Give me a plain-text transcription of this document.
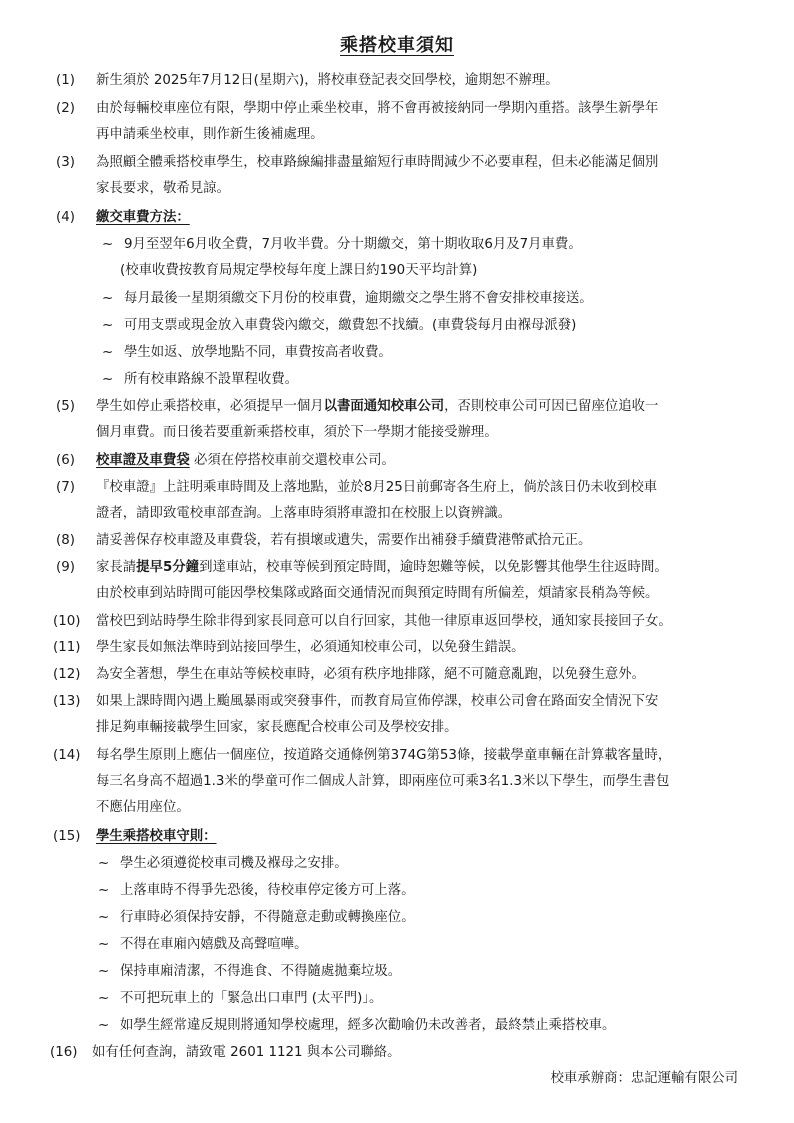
乘搭校車須知
(1) 新生須於 2025年7月12日(星期六)，將校車登記表交回學校，逾期恕不辦理。
(2) 由於每輛校車座位有限，學期中停止乘坐校車，將不會再被接納同一學期內重搭。該學生新學年
再申請乘坐校車，則作新生後補處理。
(3) 為照顧全體乘搭校車學生，校車路線編排盡量縮短行車時間減少不必要車程，但未必能滿足個別
家長要求，敬希見諒。
(4) 繳交車費方法：
~ 9月至翌年6月收全費，7月收半費。分十期繳交，第十期收取6月及7月車費。
(校車收費按教育局規定學校每年度上課日約190天平均計算)
~ 每月最後一星期須繳交下月份的校車費，逾期繳交之學生將不會安排校車接送。
~ 可用支票或現金放入車費袋內繳交，繳費恕不找續。(車費袋每月由褓母派發)
~ 學生如返、放學地點不同，車費按高者收費。
~ 所有校車路線不設單程收費。
(5) 學生如停止乘搭校車，必須提早一個月以書面通知校車公司，否則校車公司可因已留座位追收一
個月車費。而日後若要重新乘搭校車，須於下一學期才能接受辦理。
(6) 校車證及車費袋 必須在停搭校車前交還校車公司。
(7) 『校車證』上註明乘車時間及上落地點，並於8月25日前郵寄各生府上，倘於該日仍未收到校車
證者，請即致電校車部查詢。上落車時須將車證扣在校服上以資辨識。
(8) 請妥善保存校車證及車費袋，若有損壞或遺失，需要作出補發手續費港幣貳拾元正。
(9) 家長請提早5分鐘到達車站，校車等候到預定時間，逾時恕難等候，以免影響其他學生往返時間。
由於校車到站時間可能因學校集隊或路面交通情況而與預定時間有所偏差，煩請家長稍為等候。
(10) 當校巴到站時學生除非得到家長同意可以自行回家，其他一律原車返回學校，通知家長接回子女。
(11) 學生家長如無法準時到站接回學生，必須通知校車公司，以免發生錯誤。
(12) 為安全著想，學生在車站等候校車時，必須有秩序地排隊，絕不可隨意亂跑，以免發生意外。
(13) 如果上課時間內遇上颱風暴雨或突發事件，而教育局宣佈停課，校車公司會在路面安全情況下安
排足夠車輛接載學生回家，家長應配合校車公司及學校安排。
(14) 每名學生原則上應佔一個座位，按道路交通條例第374G第53條，接載學童車輛在計算載客量時，
每三名身高不超過1.3米的學童可作二個成人計算，即兩座位可乘3名1.3米以下學生，而學生書包
不應佔用座位。
(15) 學生乘搭校車守則：
~ 學生必須遵從校車司機及褓母之安排。
~ 上落車時不得爭先恐後，待校車停定後方可上落。
~ 行車時必須保持安靜，不得隨意走動或轉換座位。
~ 不得在車廂內嬉戲及高聲喧嘩。
~ 保持車廂清潔，不得進食、不得隨處拋棄垃圾。
~ 不可把玩車上的「緊急出口車門 (太平門)」。
~ 如學生經常違反規則將通知學校處理，經多次勸喻仍未改善者，最終禁止乘搭校車。
(16) 如有任何查詢，請致電 2601 1121 與本公司聯絡。
校車承辦商：忠記運輸有限公司
